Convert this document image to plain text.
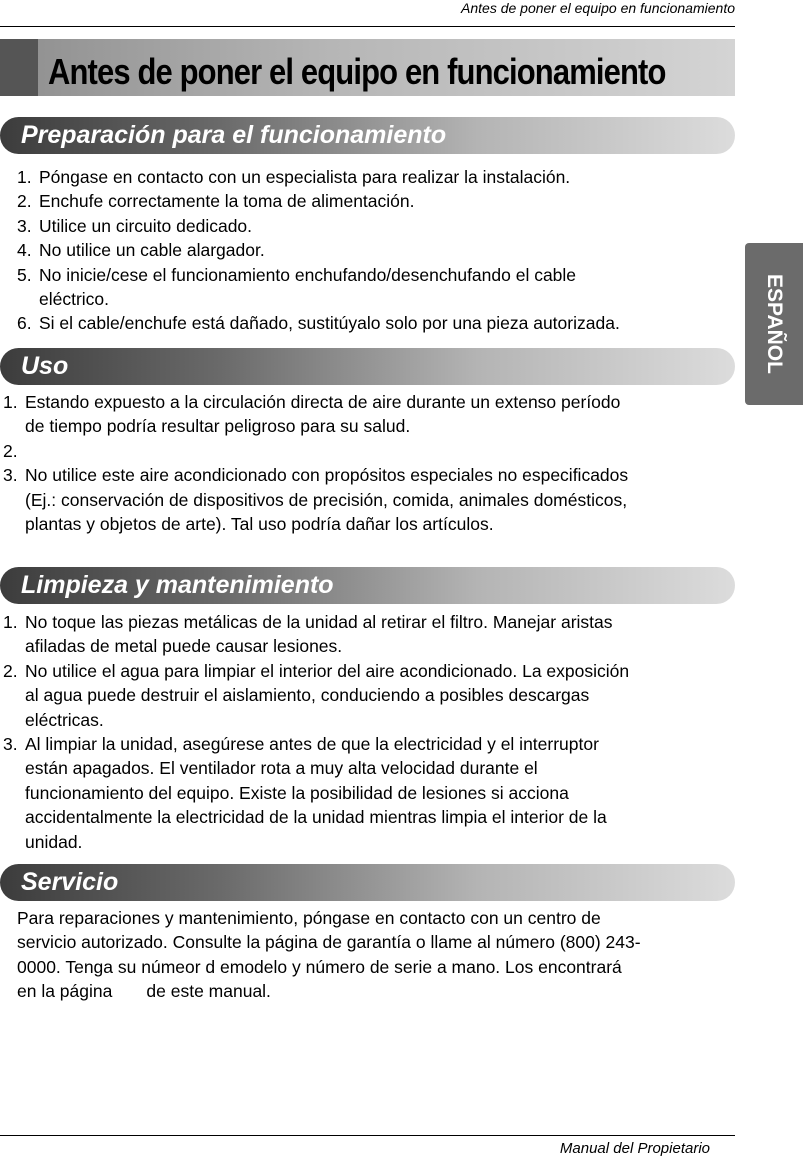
Antes de poner el equipo en funcionamiento
Antes de poner el equipo en funcionamiento
ESPAÑOL
Preparación para el funcionamiento
1. Póngase en contacto con un especialista para realizar la instalación.
2. Enchufe correctamente la toma de alimentación.
3. Utilice un circuito dedicado.
4. No utilice un cable alargador.
5. No inicie/cese el funcionamiento enchufando/desenchufando el cable
eléctrico.
6. Si el cable/enchufe está dañado, sustitúyalo solo por una pieza autorizada.
Uso
1. Estando expuesto a la circulación directa de aire durante un extenso período
de tiempo podría resultar peligroso para su salud.
2.

3. No utilice este aire acondicionado con propósitos especiales no especificados
(Ej.: conservación de dispositivos de precisión, comida, animales domésticos,
plantas y objetos de arte). Tal uso podría dañar los artículos.
Limpieza y mantenimiento
1. No toque las piezas metálicas de la unidad al retirar el filtro. Manejar aristas
afiladas de metal puede causar lesiones.
2. No utilice el agua para limpiar el interior del aire acondicionado. La exposición
al agua puede destruir el aislamiento, conduciendo a posibles descargas
eléctricas.
3. Al limpiar la unidad, asegúrese antes de que la electricidad y el interruptor
están apagados. El ventilador rota a muy alta velocidad durante el
funcionamiento del equipo. Existe la posibilidad de lesiones si acciona
accidentalmente la electricidad de la unidad mientras limpia el interior de la
unidad.
Servicio
Para reparaciones y mantenimiento, póngase en contacto con un centro de
servicio autorizado. Consulte la página de garantía o llame al número (800) 243-
0000. Tenga su númeor d emodelo y número de serie a mano. Los encontrará
en la página       de este manual.
Manual del Propietario
